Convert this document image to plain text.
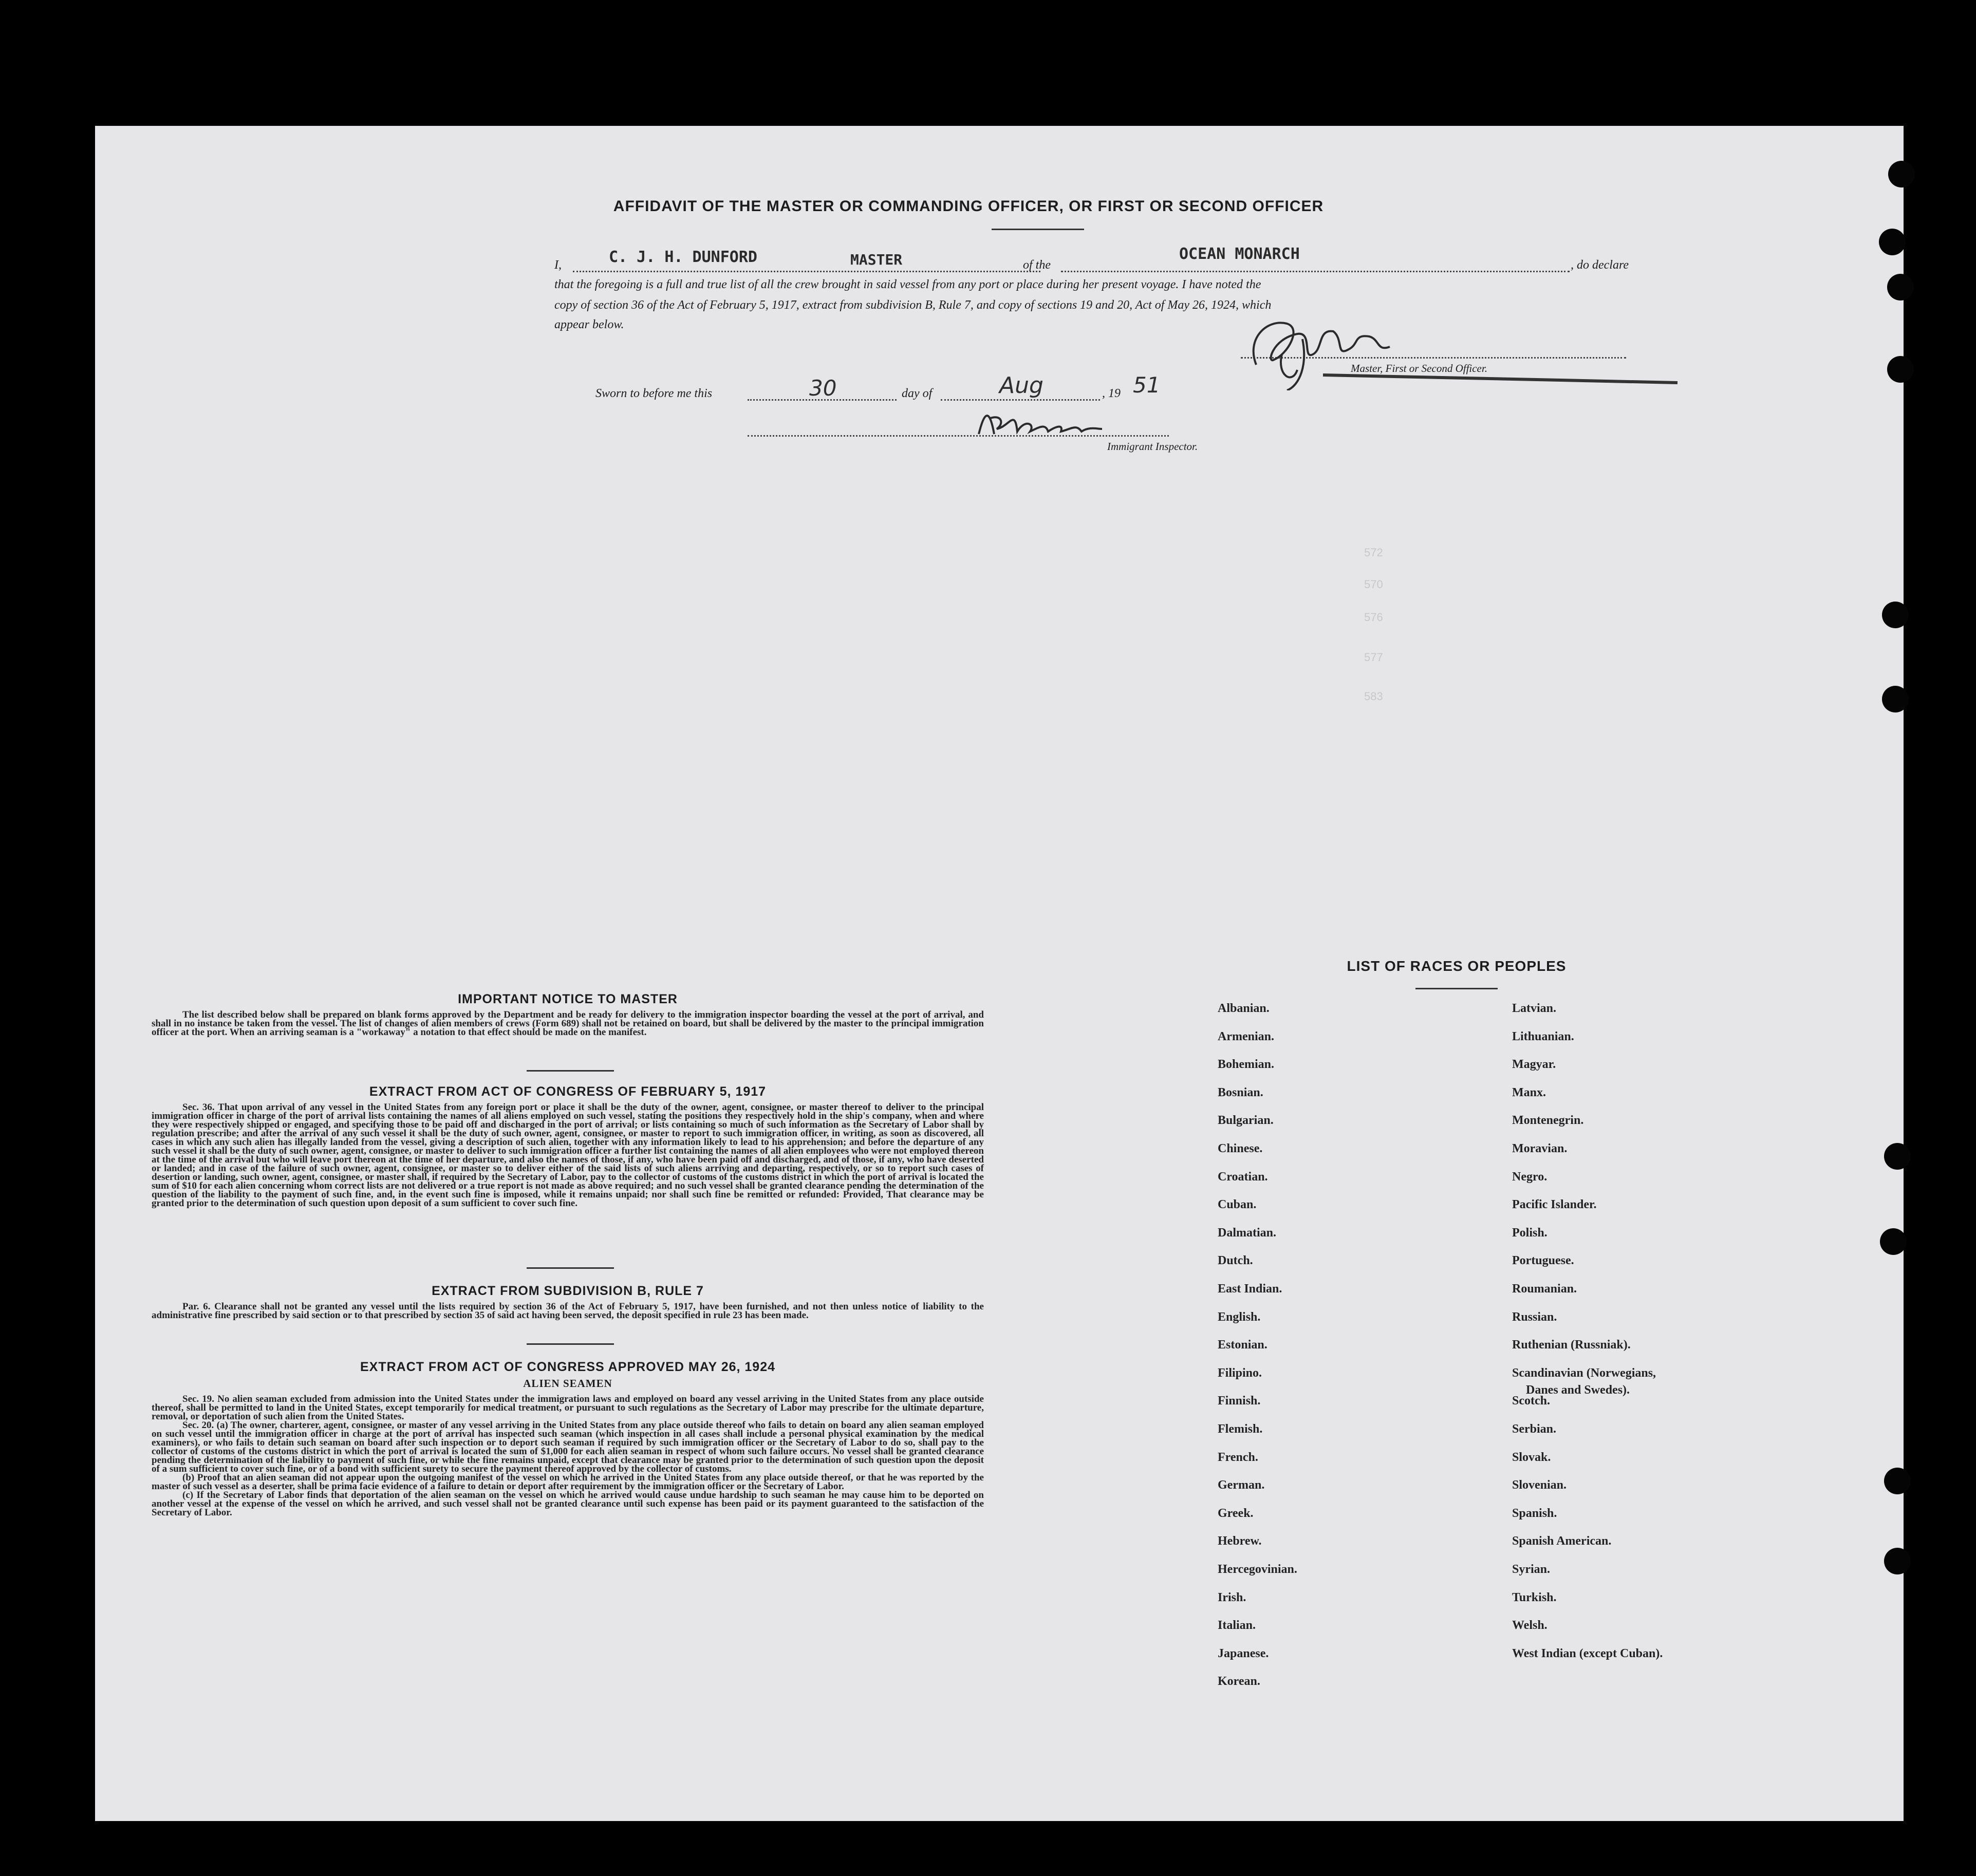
572
570
576
577
583
AFFIDAVIT OF THE MASTER OR COMMANDING OFFICER, OR FIRST OR SECOND OFFICER
I,	C. J. H. DUNFORD	MASTER	of the
OCEAN MONARCH
, do declare
that the foregoing is a full and true list of all the crew brought in said vessel from any port or place during her present voyage. I have noted the
copy of section 36 of the Act of February 5, 1917, extract from subdivision B, Rule 7, and copy of sections 19 and 20, Act of May 26, 1924, which
appear below.
Master, First or Second Officer.
Sworn to before me this	30	day of	Aug	, 19 51
Immigrant Inspector.
IMPORTANT NOTICE TO MASTER

The list described below shall be prepared on blank forms approved by the Department and be ready for delivery to the immigration inspector boarding the vessel at the port of arrival, and shall in no instance be taken from the vessel. The list of changes of alien members of crews (Form 689) shall not be retained on board, but shall be delivered by the master to the principal immigration officer at the port. When an arriving seaman is a "workaway" a notation to that effect should be made on the manifest.

EXTRACT FROM ACT OF CONGRESS OF FEBRUARY 5, 1917

Sec. 36. That upon arrival of any vessel in the United States from any foreign port or place it shall be the duty of the owner, agent, consignee, or master thereof to deliver to the principal immigration officer in charge of the port of arrival lists containing the names of all aliens employed on such vessel, stating the positions they respectively hold in the ship's company, when and where they were respectively shipped or engaged, and specifying those to be paid off and discharged in the port of arrival; or lists containing so much of such information as the Secretary of Labor shall by regulation prescribe; and after the arrival of any such vessel it shall be the duty of such owner, agent, consignee, or master to report to such immigration officer, in writing, as soon as discovered, all cases in which any such alien has illegally landed from the vessel, giving a description of such alien, together with any information likely to lead to his apprehension; and before the departure of any such vessel it shall be the duty of such owner, agent, consignee, or master to deliver to such immigration officer a further list containing the names of all alien employees who were not employed thereon at the time of the arrival but who will leave port thereon at the time of her departure, and also the names of those, if any, who have been paid off and discharged, and of those, if any, who have deserted or landed; and in case of the failure of such owner, agent, consignee, or master so to deliver either of the said lists of such aliens arriving and departing, respectively, or so to report such cases of desertion or landing, such owner, agent, consignee, or master shall, if required by the Secretary of Labor, pay to the collector of customs of the customs district in which the port of arrival is located the sum of $10 for each alien concerning whom correct lists are not delivered or a true report is not made as above required; and no such vessel shall be granted clearance pending the determination of the question of the liability to the payment of such fine, and, in the event such fine is imposed, while it remains unpaid; nor shall such fine be remitted or refunded: Provided, That clearance may be granted prior to the determination of such question upon deposit of a sum sufficient to cover such fine.

EXTRACT FROM SUBDIVISION B, RULE 7

Par. 6. Clearance shall not be granted any vessel until the lists required by section 36 of the Act of February 5, 1917, have been furnished, and not then unless notice of liability to the administrative fine prescribed by said section or to that prescribed by section 35 of said act having been served, the deposit specified in rule 23 has been made.

EXTRACT FROM ACT OF CONGRESS APPROVED MAY 26, 1924
ALIEN SEAMEN

Sec. 19. No alien seaman excluded from admission into the United States under the immigration laws and employed on board any vessel arriving in the United States from any place outside thereof, shall be permitted to land in the United States, except temporarily for medical treatment, or pursuant to such regulations as the Secretary of Labor may prescribe for the ultimate departure, removal, or deportation of such alien from the United States.

Sec. 20. (a) The owner, charterer, agent, consignee, or master of any vessel arriving in the United States from any place outside thereof who fails to detain on board any alien seaman employed on such vessel until the immigration officer in charge at the port of arrival has inspected such seaman (which inspection in all cases shall include a personal physical examination by the medical examiners), or who fails to detain such seaman on board after such inspection or to deport such seaman if required by such immigration officer or the Secretary of Labor to do so, shall pay to the collector of customs of the customs district in which the port of arrival is located the sum of $1,000 for each alien seaman in respect of whom such failure occurs. No vessel shall be granted clearance pending the determination of the liability to payment of such fine, or while the fine remains unpaid, except that clearance may be granted prior to the determination of such question upon the deposit of a sum sufficient to cover such fine, or of a bond with sufficient surety to secure the payment thereof approved by the collector of customs.

(b) Proof that an alien seaman did not appear upon the outgoing manifest of the vessel on which he arrived in the United States from any place outside thereof, or that he was reported by the master of such vessel as a deserter, shall be prima facie evidence of a failure to detain or deport after requirement by the immigration officer or the Secretary of Labor.

(c) If the Secretary of Labor finds that deportation of the alien seaman on the vessel on which he arrived would cause undue hardship to such seaman he may cause him to be deported on another vessel at the expense of the vessel on which he arrived, and such vessel shall not be granted clearance until such expense has been paid or its payment guaranteed to the satisfaction of the Secretary of Labor.

LIST OF RACES OR PEOPLES
Danes and Swedes).
Albanian.
Armenian.
Bohemian.
Bosnian.
Bulgarian.
Chinese.
Croatian.
Cuban.
Dalmatian.
Dutch.
East Indian.
English.
Estonian.
Filipino.
Finnish.
Flemish.
French.
German.
Greek.
Hebrew.
Hercegovinian.
Irish.
Italian.
Japanese.
Korean.
Latvian.
Lithuanian.
Magyar.
Manx.
Montenegrin.
Moravian.
Negro.
Pacific Islander.
Polish.
Portuguese.
Roumanian.
Russian.
Ruthenian (Russniak).
Scandinavian (Norwegians,
Scotch.
Serbian.
Slovak.
Slovenian.
Spanish.
Spanish American.
Syrian.
Turkish.
Welsh.
West Indian (except Cuban).
